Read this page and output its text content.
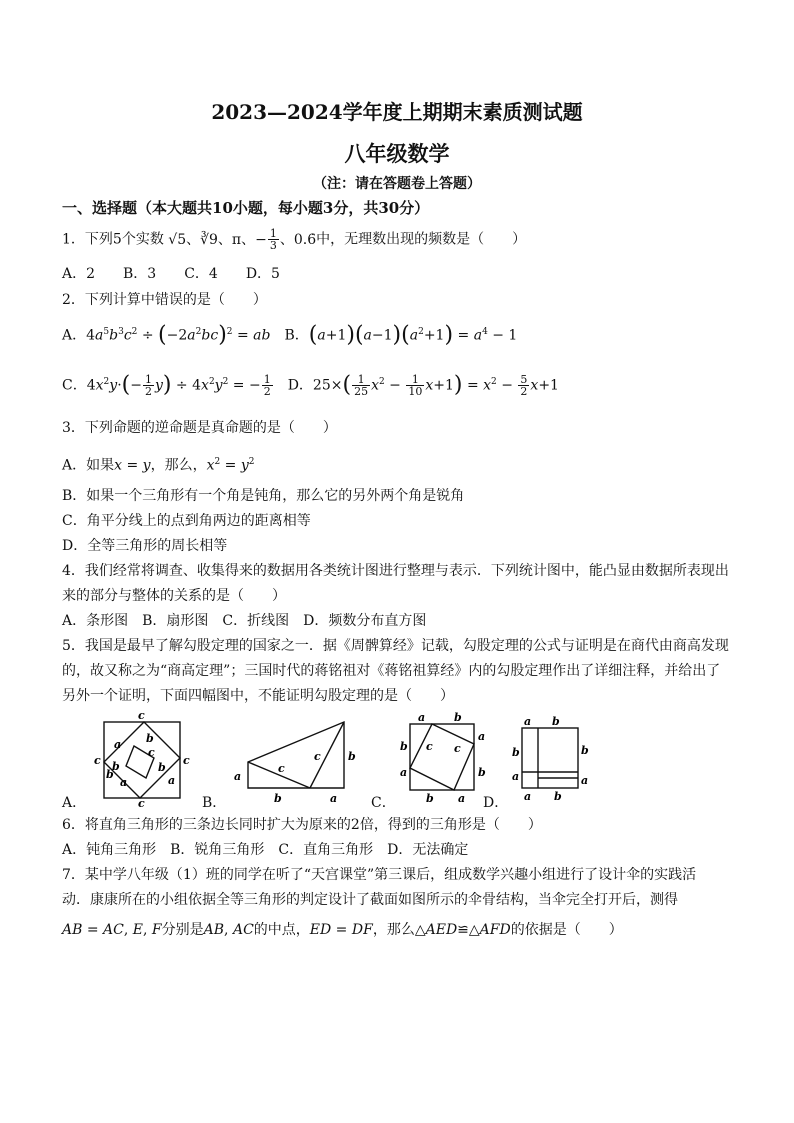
2023—2024学年度上期期末素质测试题
八年级数学
（注：请在答题卷上答题）
一、选择题（本大题共10小题，每小题3分，共30分）
1．下列5个实数 √5、∛9、π、− $\frac{1}{3}$ 、0.6̇中，无理数出现的频数是（　　）
A．2　　B．3　　C．4　　D．5
2．下列计算中错误的是（　　）
A．$4a^5b^3c^2 \div (-2a^2bc)^2$ = ab　B．$(a+1)(a-1)(a^2+1) = a^4 - 1$
C．$4x^2y\cdot(- \frac{1}{2} y) \div 4x^2y^2$ = − $\frac{1}{2}$ 　D．$25\times( \frac{1}{25} x^2 - \frac{1}{10} x+1) = x^2 - \frac{5}{2} x+1$
3．下列命题的逆命题是真命题的是（　　）
A．如果x = y，那么，$x^2 = y^2$
B．如果一个三角形有一个角是钝角，那么它的另外两个角是锐角
C．角平分线上的点到角两边的距离相等
D．全等三角形的周长相等
4．我们经常将调查、收集得来的数据用各类统计图进行整理与表示．下列统计图中，能凸显由数据所表现出
来的部分与整体的关系的是（　　）
A．条形图　B．扇形图　C．折线图　D．频数分布直方图
5．我国是最早了解勾股定理的国家之一．据《周髀算经》记载，勾股定理的公式与证明是在商代由商高发现
的，故又称之为“商高定理”；三国时代的蒋铭祖对《蒋铭祖算经》内的勾股定理作出了详细注释，并给出了
另外一个证明，下面四幅图中，不能证明勾股定理的是（　　）
A．
c
c	c
c
a b
b
b	b
a
a
c
B．
a
b	a
b
c
c
C．
a	b
b
a
a	b
b a
c c
D．
a b
b	b
a	a
a b
6．将直角三角形的三条边长同时扩大为原来的2倍，得到的三角形是（　　）
A．钝角三角形　B．锐角三角形　C．直角三角形　D．无法确定
7．某中学八年级（1）班的同学在听了“天宫课堂”第三课后，组成数学兴趣小组进行了设计伞的实践活
动．康康所在的小组依据全等三角形的判定设计了截面如图所示的伞骨结构，当伞完全打开后，测得
AB = AC, E, F分别是AB, AC的中点，ED = DF，那么△AED≌△AFD的依据是（　　）
